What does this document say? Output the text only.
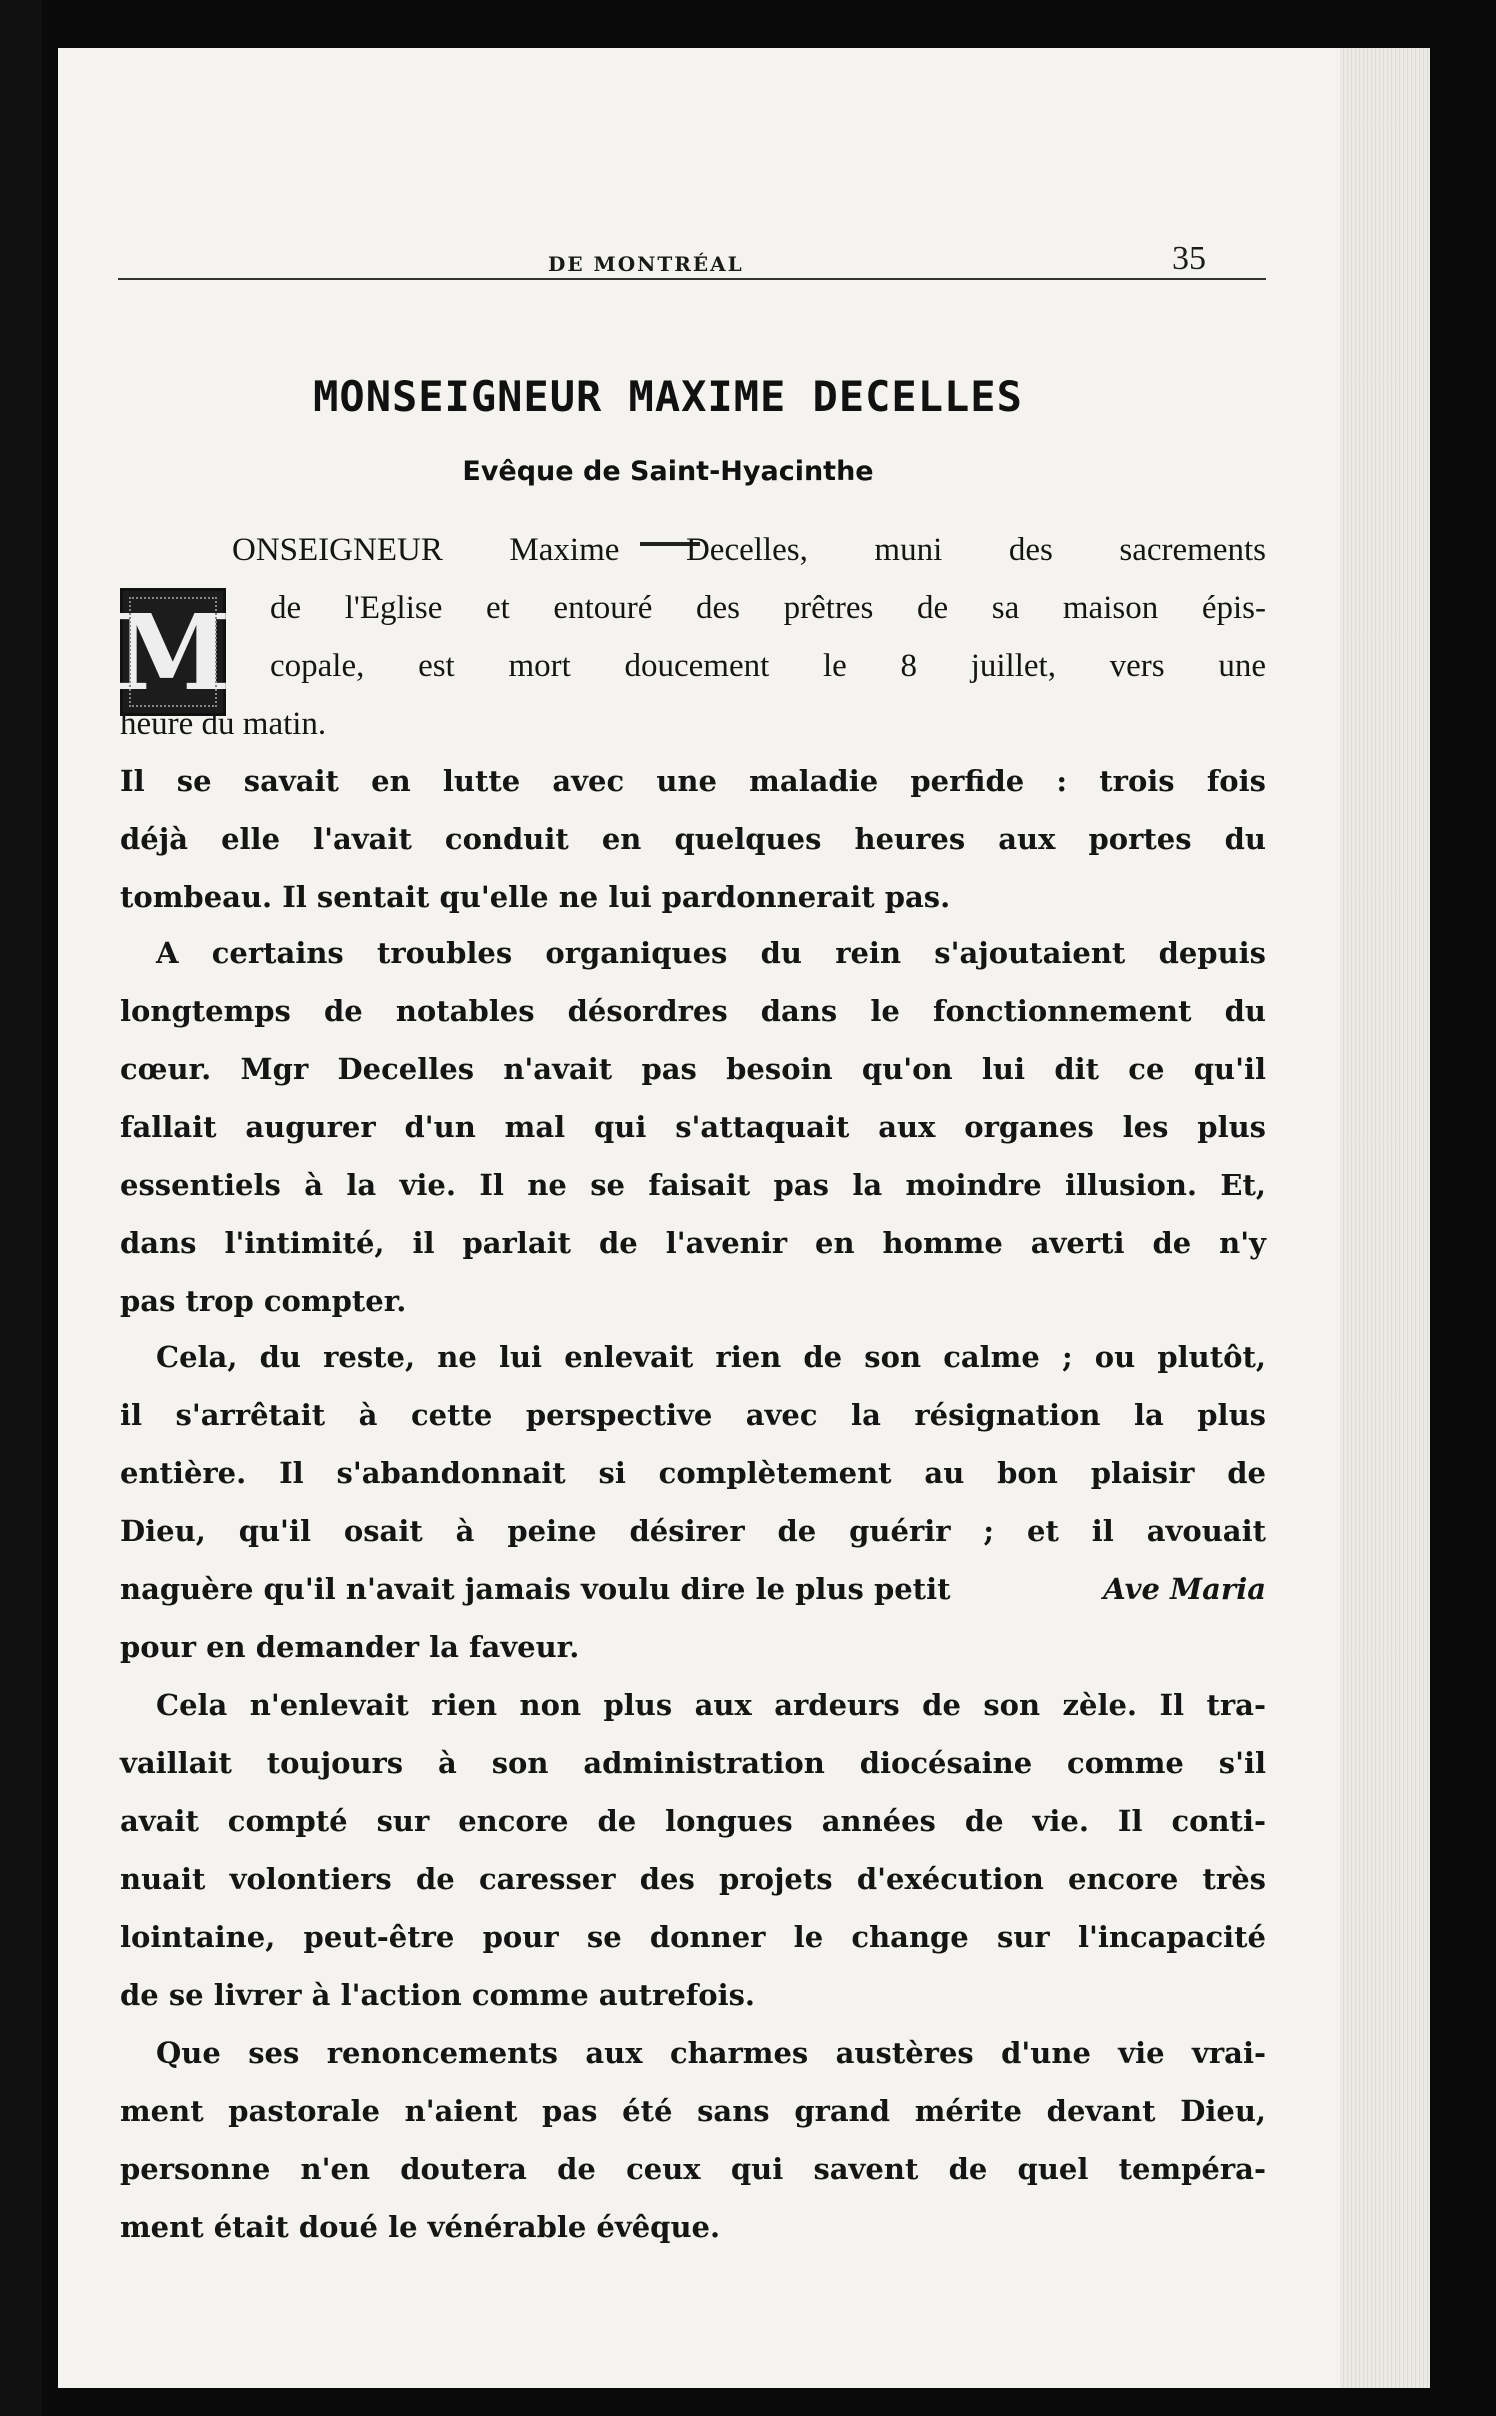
DE MONTRÉAL	35
MONSEIGNEUR MAXIME DECELLES
Evêque de Saint-Hyacinthe
M
ONSEIGNEUR Maxime Decelles, muni des sacrements
de l'Eglise et entouré des prêtres de sa maison épis-
copale, est mort doucement le 8 juillet, vers une
heure du matin.
Il se savait en lutte avec une maladie perfide : trois fois
déjà elle l'avait conduit en quelques heures aux portes du
tombeau. Il sentait qu'elle ne lui pardonnerait pas.
A certains troubles organiques du rein s'ajoutaient depuis
longtemps de notables désordres dans le fonctionnement du
cœur. Mgr Decelles n'avait pas besoin qu'on lui dit ce qu'il
fallait augurer d'un mal qui s'attaquait aux organes les plus
essentiels à la vie. Il ne se faisait pas la moindre illusion. Et,
dans l'intimité, il parlait de l'avenir en homme averti de n'y
pas trop compter.
Cela, du reste, ne lui enlevait rien de son calme ; ou plutôt,
il s'arrêtait à cette perspective avec la résignation la plus
entière. Il s'abandonnait si complètement au bon plaisir de
Dieu, qu'il osait à peine désirer de guérir ; et il avouait
naguère qu'il n'avait jamais voulu dire le plus petit	Ave Maria
pour en demander la faveur.
Cela n'enlevait rien non plus aux ardeurs de son zèle. Il tra-
vaillait toujours à son administration diocésaine comme s'il
avait compté sur encore de longues années de vie. Il conti-
nuait volontiers de caresser des projets d'exécution encore très
lointaine, peut-être pour se donner le change sur l'incapacité
de se livrer à l'action comme autrefois.
Que ses renoncements aux charmes austères d'une vie vrai-
ment pastorale n'aient pas été sans grand mérite devant Dieu,
personne n'en doutera de ceux qui savent de quel tempéra-
ment était doué le vénérable évêque.
